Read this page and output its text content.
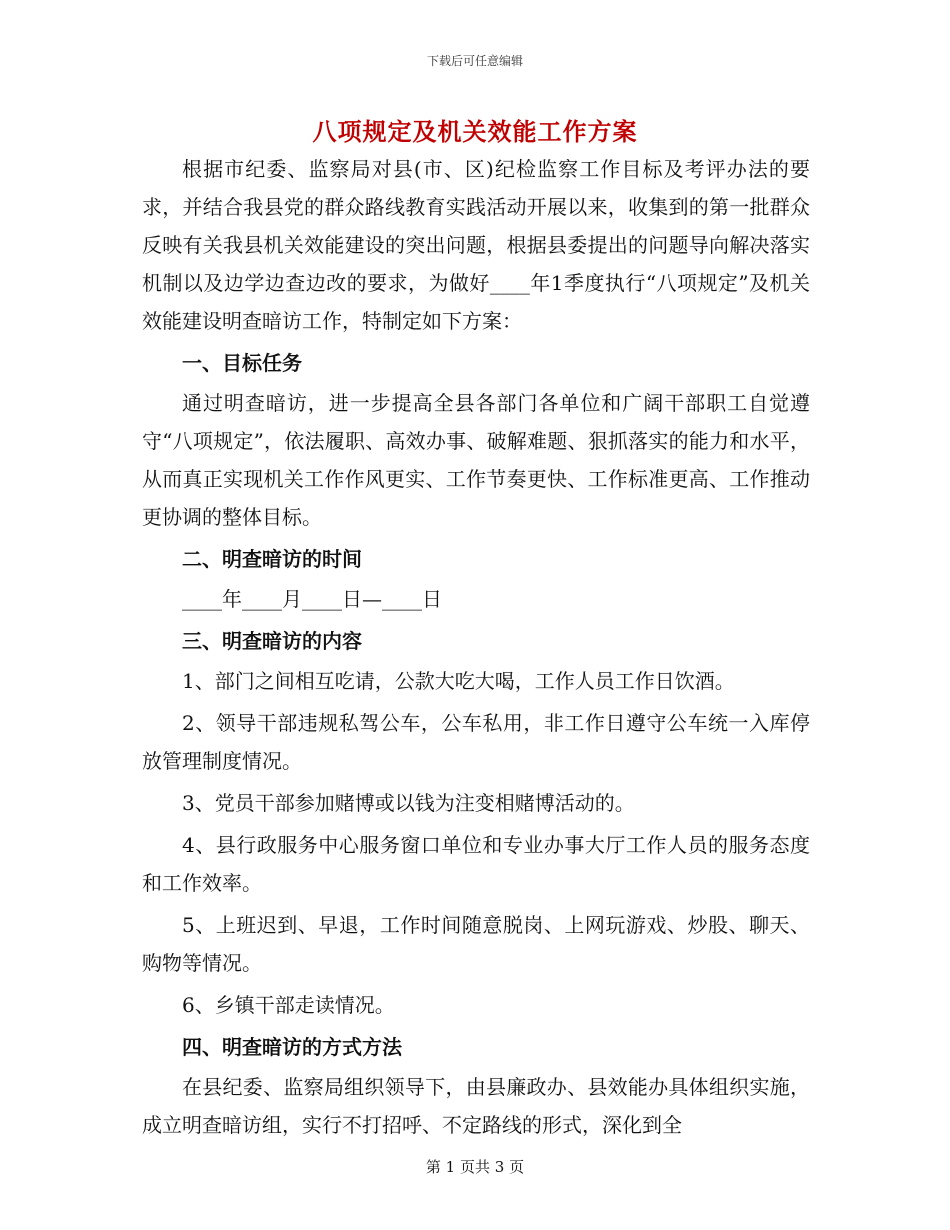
下载后可任意编辑
八项规定及机关效能工作方案

根据市纪委、监察局对县(市、区)纪检监察工作目标及考评办法的要求，并结合我县党的群众路线教育实践活动开展以来，收集到的第一批群众反映有关我县机关效能建设的突出问题，根据县委提出的问题导向解决落实机制以及边学边查边改的要求，为做好____年1季度执行“八项规定”及机关效能建设明查暗访工作，特制定如下方案：

一、目标任务

通过明查暗访，进一步提高全县各部门各单位和广阔干部职工自觉遵守“八项规定”，依法履职、高效办事、破解难题、狠抓落实的能力和水平，从而真正实现机关工作作风更实、工作节奏更快、工作标准更高、工作推动更协调的整体目标。

二、明查暗访的时间

____年____月____日—____日

三、明查暗访的内容

1、部门之间相互吃请，公款大吃大喝，工作人员工作日饮酒。

2、领导干部违规私驾公车，公车私用，非工作日遵守公车统一入库停放管理制度情况。

3、党员干部参加赌博或以钱为注变相赌博活动的。

4、县行政服务中心服务窗口单位和专业办事大厅工作人员的服务态度和工作效率。

5、上班迟到、早退，工作时间随意脱岗、上网玩游戏、炒股、聊天、购物等情况。

6、乡镇干部走读情况。

四、明查暗访的方式方法

在县纪委、监察局组织领导下，由县廉政办、县效能办具体组织实施，成立明查暗访组，实行不打招呼、不定路线的形式，深化到全

第 1 页共 3 页
